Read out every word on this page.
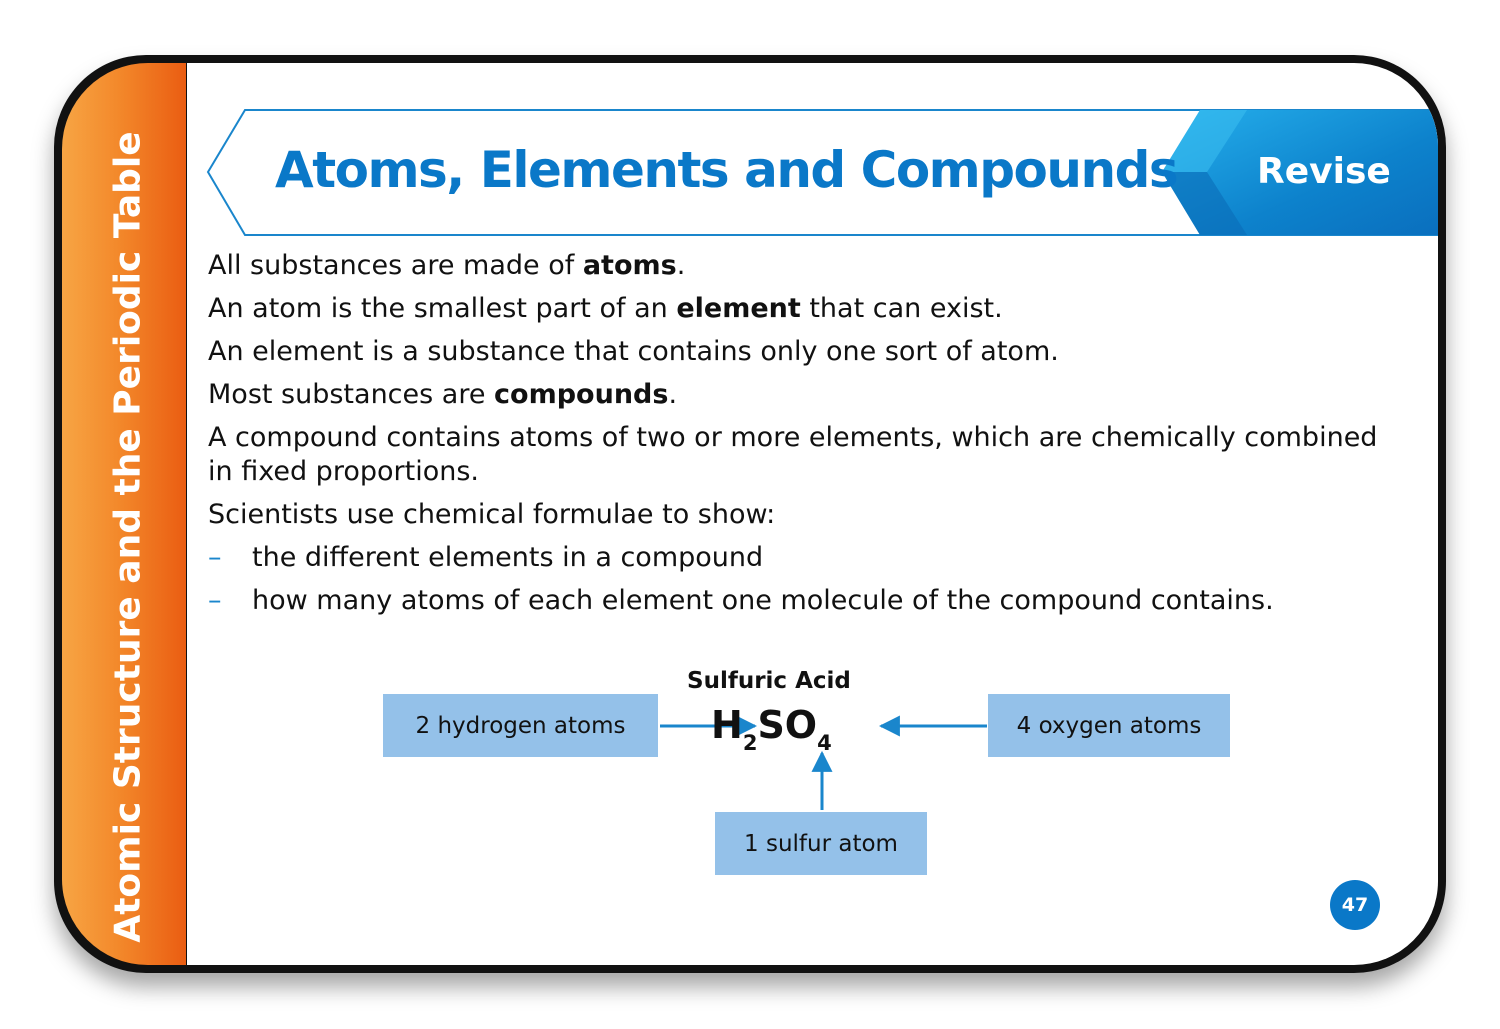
Atomic Structure and the Periodic Table	Atoms, Elements and Compounds Revise

All substances are made of atoms.

An atom is the smallest part of an element that can exist.

An element is a substance that contains only one sort of atom.

Most substances are compounds.

A compound contains atoms of two or more elements, which are chemically combined in fixed proportions.

Scientists use chemical formulae to show:

– the different elements in a compound
– how many atoms of each element one molecule of the compound contains.
Sulfuric Acid
2 hydrogen atoms	4 oxygen atoms
1 sulfur atom
$H_2SO_4$
47
